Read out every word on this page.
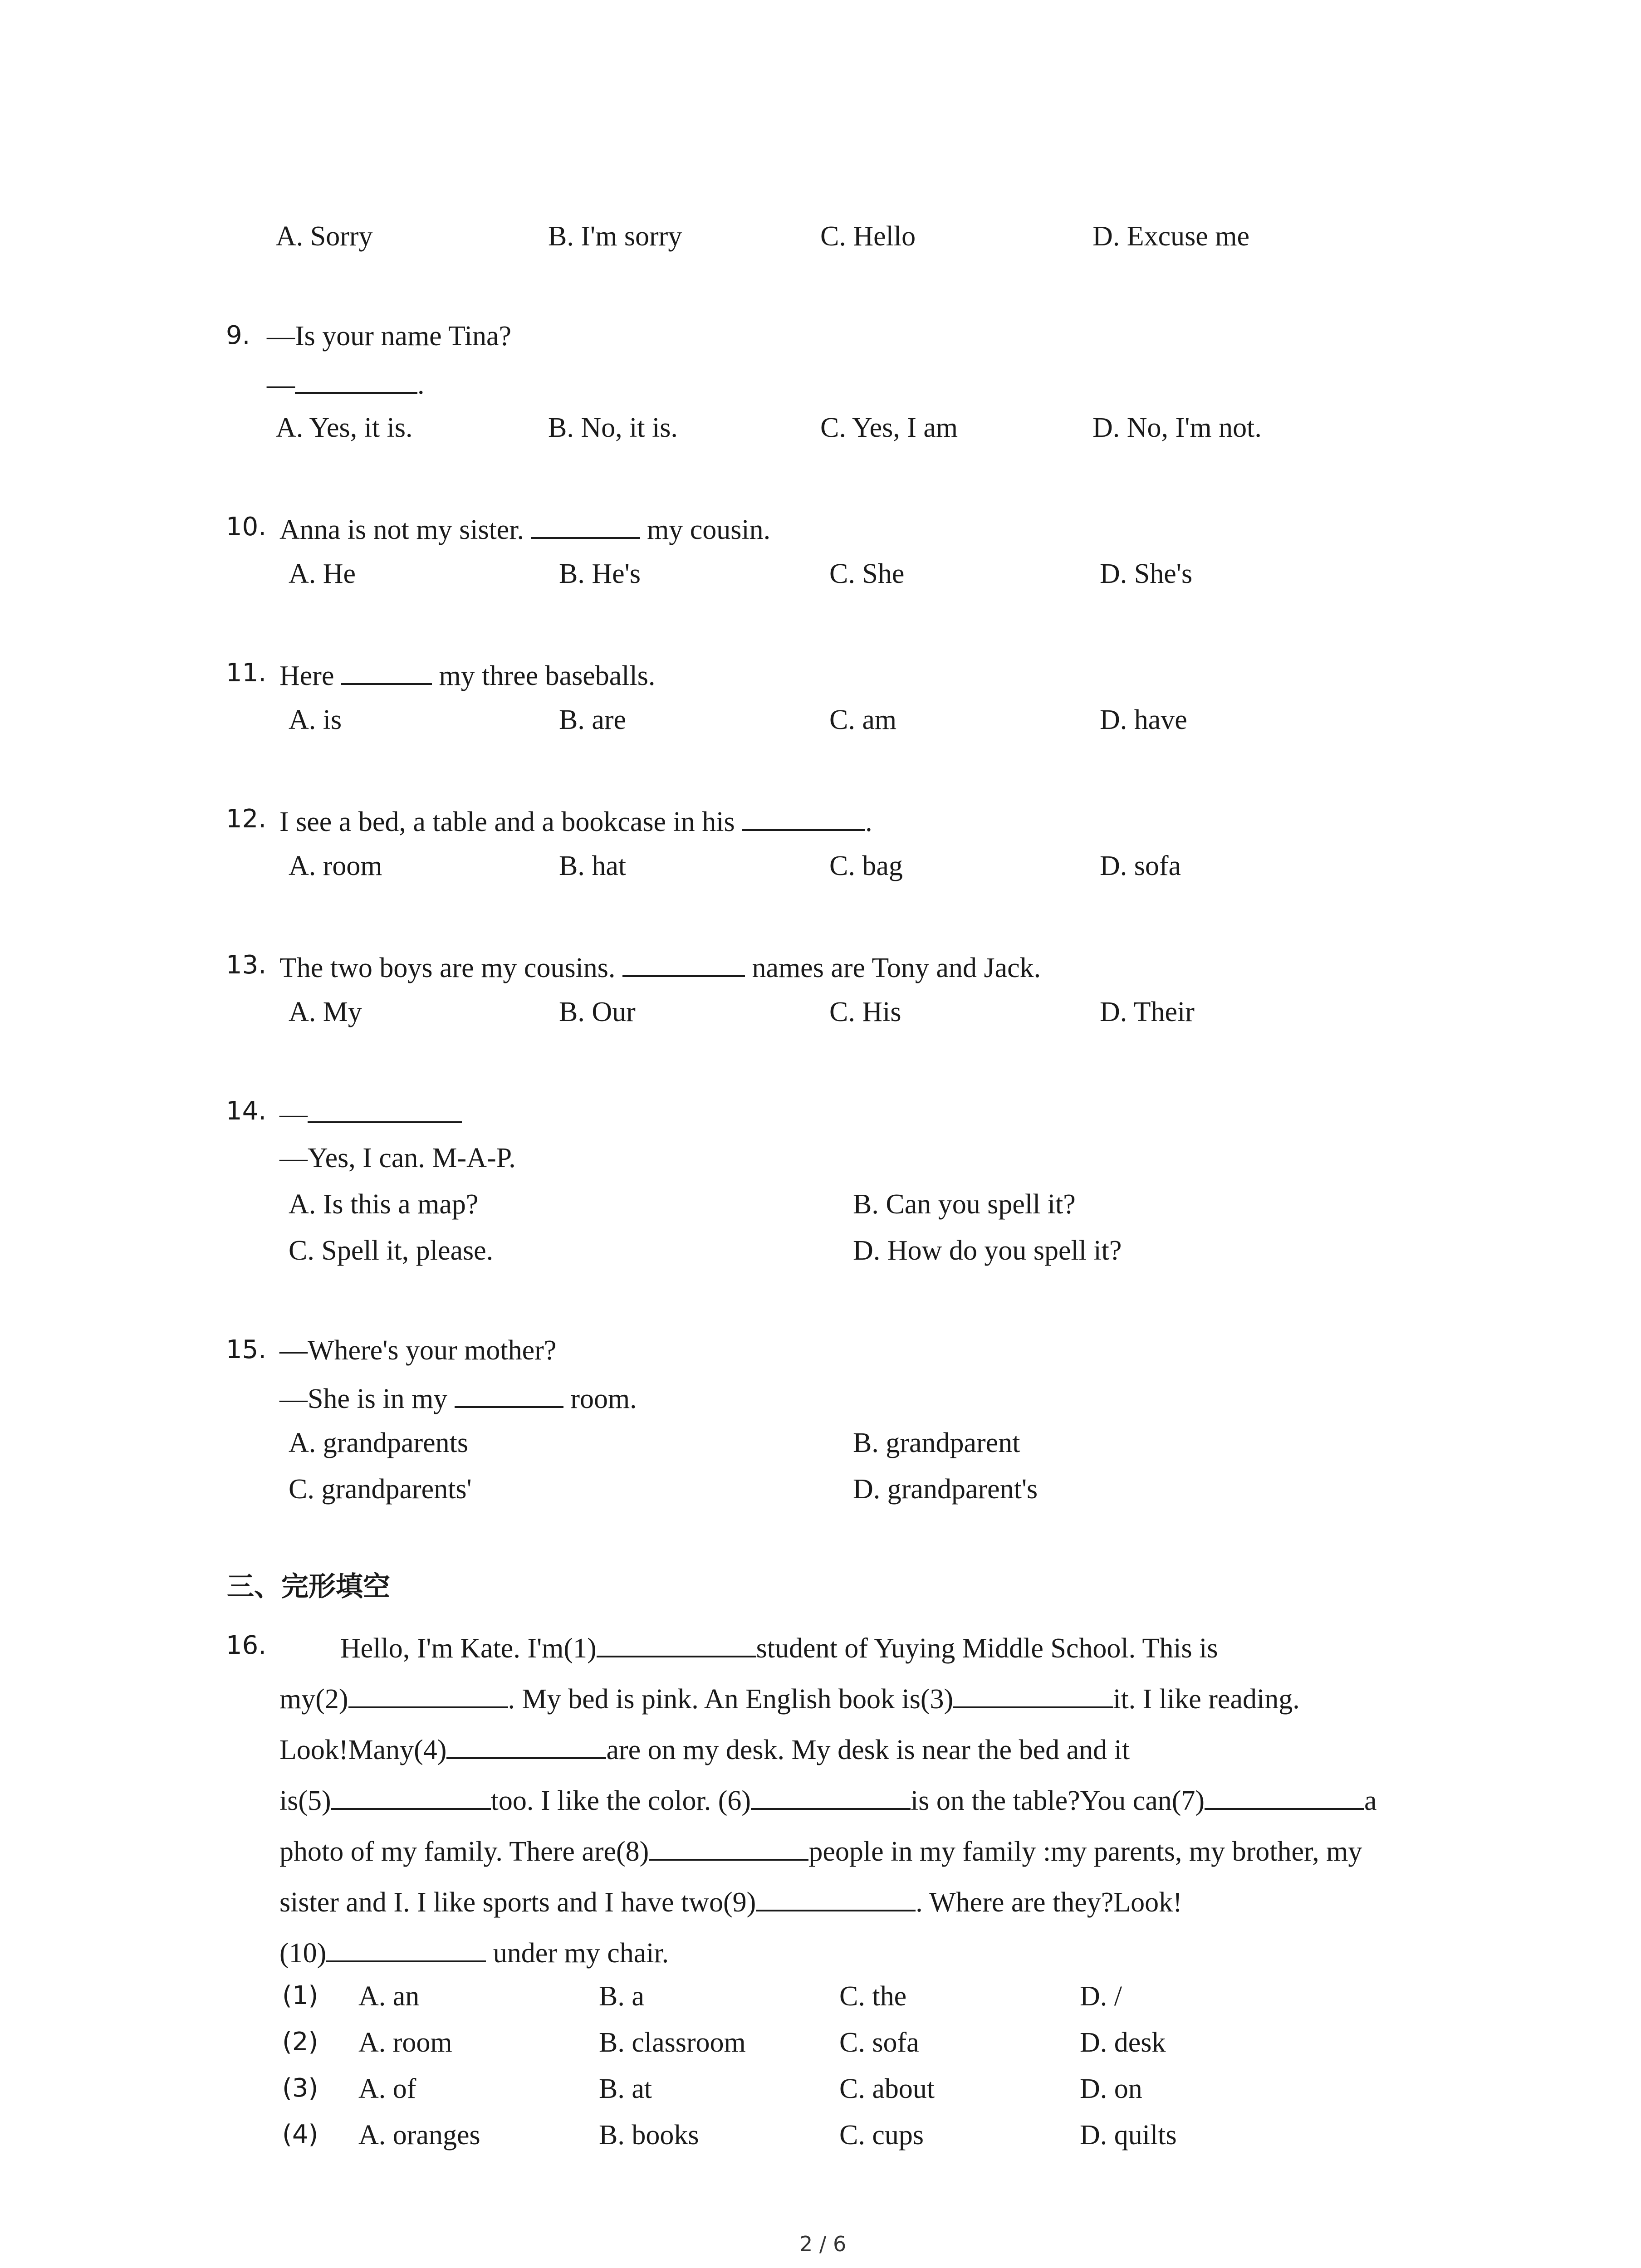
A. Sorry	B. I'm sorry	C. Hello	D. Excuse me
9. —Is your name Tina?
—	.
A. Yes, it is.	B. No, it is.	C. Yes, I am	D. No, I'm not.
10. Anna is not my sister.	my cousin.
A. He	B. He's	C. She	D. She's
11. Here	my three baseballs.
A. is	B. are	C. am	D. have
12. I see a bed, a table and a bookcase in his	.
A. room	B. hat	C. bag	D. sofa
13. The two boys are my cousins.	names are Tony and Jack.
A. My	B. Our	C. His	D. Their
14. —
—Yes, I can. M-A-P.
A. Is this a map?	B. Can you spell it?
C. Spell it, please.	D. How do you spell it?
15. —Where's your mother?
—She is in my	room.
A. grandparents	B. grandparent
C. grandparents'	D. grandparent's
三、完形填空
16.	Hello, I'm Kate. I'm(1)	student of Yuying Middle School. This is
my(2)	. My bed is pink. An English book is(3)	it. I like reading.
Look!Many(4)	are on my desk. My desk is near the bed and it
is(5)	too. I like the color. (6)	is on the table?You can(7)	a
photo of my family. There are(8)	people in my family :my parents, my brother, my
sister and I. I like sports and I have two(9)	. Where are they?Look!
(10)	under my chair.
(1) A. an	B. a	C. the	D. /
(2) A. room	B. classroom	C. sofa	D. desk
(3) A. of	B. at	C. about	D. on
(4) A. oranges	B. books	C. cups	D. quilts
2 / 6
